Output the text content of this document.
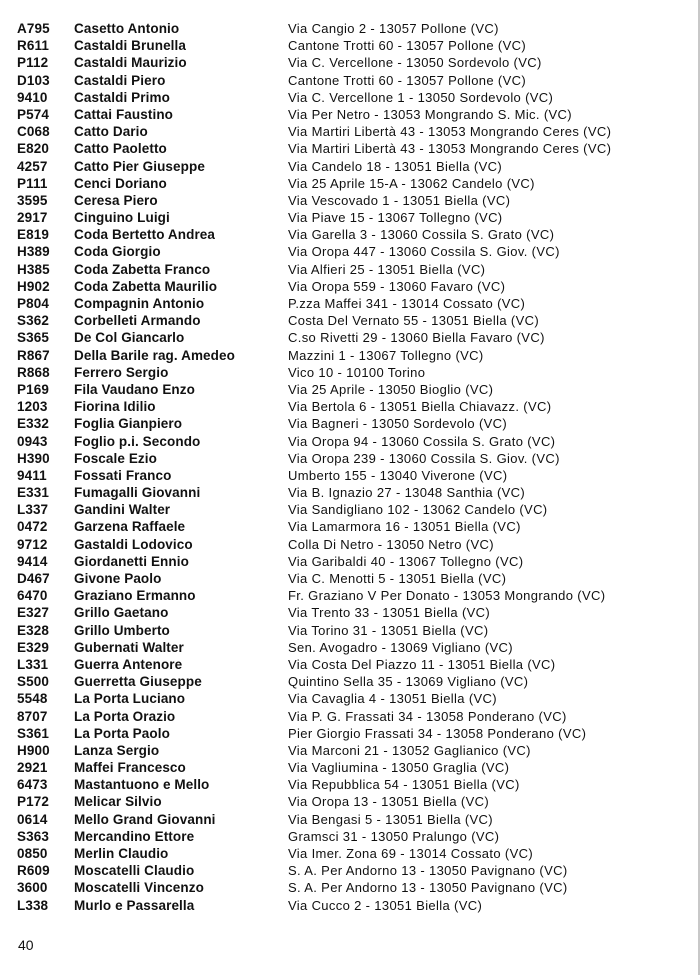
A795 Casetto Antonio	Via Cangio 2 - 13057 Pollone (VC)
R611 Castaldi Brunella	Cantone Trotti 60 - 13057 Pollone (VC)
P112 Castaldi Maurizio	Via C. Vercellone - 13050 Sordevolo (VC)
D103 Castaldi Piero	Cantone Trotti 60 - 13057 Pollone (VC)
9410 Castaldi Primo	Via C. Vercellone 1 - 13050 Sordevolo (VC)
P574 Cattai Faustino	Via Per Netro - 13053 Mongrando S. Mic. (VC)
C068 Catto Dario	Via Martiri Libertà 43 - 13053 Mongrando Ceres (VC)
E820 Catto Paoletto	Via Martiri Libertà 43 - 13053 Mongrando Ceres (VC)
4257 Catto Pier Giuseppe	Via Candelo 18 - 13051 Biella (VC)
P111 Cenci Doriano	Via 25 Aprile 15-A - 13062 Candelo (VC)
3595 Ceresa Piero	Via Vescovado 1 - 13051 Biella (VC)
2917 Cinguino Luigi	Via Piave 15 - 13067 Tollegno (VC)
E819 Coda Bertetto Andrea	Via Garella 3 - 13060 Cossila S. Grato (VC)
H389 Coda Giorgio	Via Oropa 447 - 13060 Cossila S. Giov. (VC)
H385 Coda Zabetta Franco	Via Alfieri 25 - 13051 Biella (VC)
H902 Coda Zabetta Maurilio	Via Oropa 559 - 13060 Favaro (VC)
P804 Compagnin Antonio	P.zza Maffei 341 - 13014 Cossato (VC)
S362 Corbelleti Armando	Costa Del Vernato 55 - 13051 Biella (VC)
S365 De Col Giancarlo	C.so Rivetti 29 - 13060 Biella Favaro (VC)
R867 Della Barile rag. Amedeo	Mazzini 1 - 13067 Tollegno (VC)
R868 Ferrero Sergio	Vico 10 - 10100 Torino
P169 Fila Vaudano Enzo	Via 25 Aprile - 13050 Bioglio (VC)
1203 Fiorina Idilio	Via Bertola 6 - 13051 Biella Chiavazz. (VC)
E332 Foglia Gianpiero	Via Bagneri - 13050 Sordevolo (VC)
0943 Foglio p.i. Secondo	Via Oropa 94 - 13060 Cossila S. Grato (VC)
H390 Foscale Ezio	Via Oropa 239 - 13060 Cossila S. Giov. (VC)
9411 Fossati Franco	Umberto 155 - 13040 Viverone (VC)
E331 Fumagalli Giovanni	Via B. Ignazio 27 - 13048 Santhia (VC)
L337 Gandini Walter	Via Sandigliano 102 - 13062 Candelo (VC)
0472 Garzena Raffaele	Via Lamarmora 16 - 13051 Biella (VC)
9712 Gastaldi Lodovico	Colla Di Netro - 13050 Netro (VC)
9414 Giordanetti Ennio	Via Garibaldi 40 - 13067 Tollegno (VC)
D467 Givone Paolo	Via C. Menotti 5 - 13051 Biella (VC)
6470 Graziano Ermanno	Fr. Graziano V Per Donato - 13053 Mongrando (VC)
E327 Grillo Gaetano	Via Trento 33 - 13051 Biella (VC)
E328 Grillo Umberto	Via Torino 31 - 13051 Biella (VC)
E329 Gubernati Walter	Sen. Avogadro - 13069 Vigliano (VC)
L331 Guerra Antenore	Via Costa Del Piazzo 11 - 13051 Biella (VC)
S500 Guerretta Giuseppe	Quintino Sella 35 - 13069 Vigliano (VC)
5548 La Porta Luciano	Via Cavaglia 4 - 13051 Biella (VC)
8707 La Porta Orazio	Via P. G. Frassati 34 - 13058 Ponderano (VC)
S361 La Porta Paolo	Pier Giorgio Frassati 34 - 13058 Ponderano (VC)
H900 Lanza Sergio	Via Marconi 21 - 13052 Gaglianico (VC)
2921 Maffei Francesco	Via Vagliumina - 13050 Graglia (VC)
6473 Mastantuono e Mello	Via Repubblica 54 - 13051 Biella (VC)
P172 Melicar Silvio	Via Oropa 13 - 13051 Biella (VC)
0614 Mello Grand Giovanni	Via Bengasi 5 - 13051 Biella (VC)
S363 Mercandino Ettore	Gramsci 31 - 13050 Pralungo (VC)
0850 Merlin Claudio	Via Imer. Zona 69 - 13014 Cossato (VC)
R609 Moscatelli Claudio	S. A. Per Andorno 13 - 13050 Pavignano (VC)
3600 Moscatelli Vincenzo	S. A. Per Andorno 13 - 13050 Pavignano (VC)
L338 Murlo e Passarella	Via Cucco 2 - 13051 Biella (VC)
40
